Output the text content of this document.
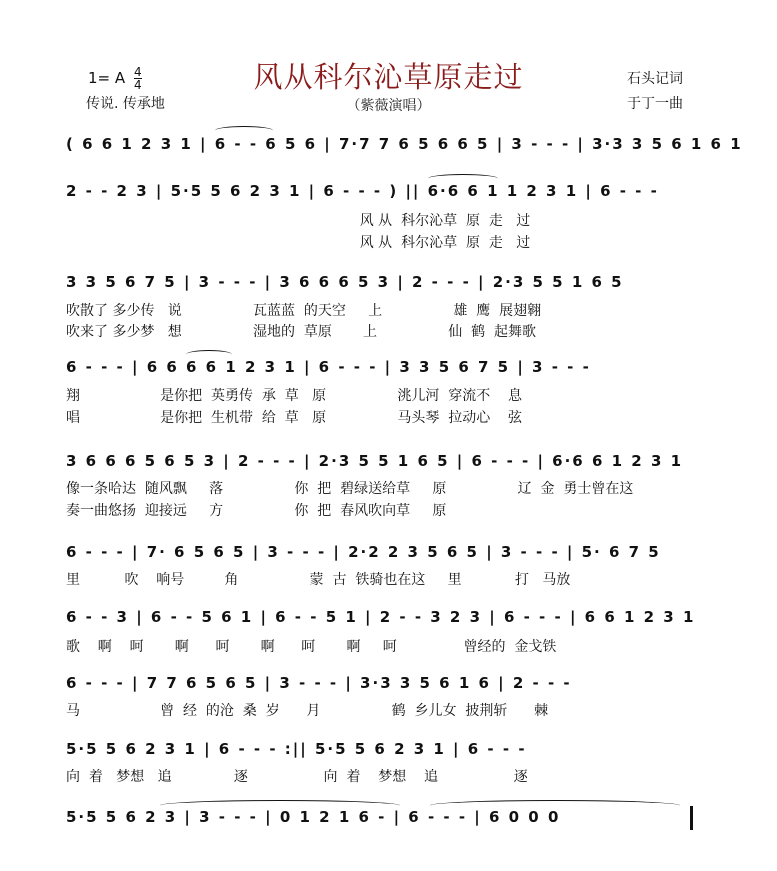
风从科尔沁草原走过
（紫薇演唱）
1= A $\frac{4}{4}$
传说. 传承地
石头记词
于丁一曲
( 6 6 1 2 3 1 | 6 - - 6 5 6 | 7·7 7 6 5 6 6 5 | 3 - - - | 3·3 3 5 6 1 6 1
2 - - 2 3 | 5·5 5 6 2 3 1 | 6 - - - ) || 6·6 6 1 1 2 3 1 | 6 - - -
风 从  科尔沁草  原  走   过
风 从  科尔沁草  原  走   过
3 3 5 6 7 5 | 3 - - - | 3 6 6 6 5 3 | 2 - - - | 2·3 5 5 1 6 5
吹散了 多少传   说                瓦蓝蓝  的天空     上                雄  鹰  展翅翱
吹来了 多少梦   想                湿地的  草原       上                仙  鹤  起舞歌
6 - - - | 6 6 6 6 1 2 3 1 | 6 - - - | 3 3 5 6 7 5 | 3 - - -
翔                  是你把  英勇传  承  草   原                洮儿河  穿流不    息
唱                  是你把  生机带  给  草   原                马头琴  拉动心    弦
3 6 6 6 5 6 5 3 | 2 - - - | 2·3 5 5 1 6 5 | 6 - - - | 6·6 6 1 2 3 1
像一条哈达  随风飘     落                你  把  碧绿送给草     原                辽  金  勇士曾在这
奏一曲悠扬  迎接远     方                你  把  春风吹向草     原
6 - - - | 7· 6 5 6 5 | 3 - - - | 2·2 2 3 5 6 5 | 3 - - - | 5· 6 7 5
里          吹    响号         角                蒙  古  铁骑也在这     里            打   马放
6 - - 3 | 6 - - 5 6 1 | 6 - - 5 1 | 2 - - 3 2 3 | 6 - - - | 6 6 1 2 3 1
歌    啊    呵       啊      呵       啊      呵       啊     呵               曾经的  金戈铁
6 - - - | 7 7 6 5 6 5 | 3 - - - | 3·3 3 5 6 1 6 | 2 - - -
马                  曾  经  的沧  桑  岁      月                鹤  乡儿女  披荆斩      棘
5·5 5 6 2 3 1 | 6 - - - :|| 5·5 5 6 2 3 1 | 6 - - -
向  着   梦想   追              逐                 向  着    梦想    追                 逐
5·5 5 6 2 3 | 3 - - - | 0 1 2 1 6 - | 6 - - - | 6 0 0 0
